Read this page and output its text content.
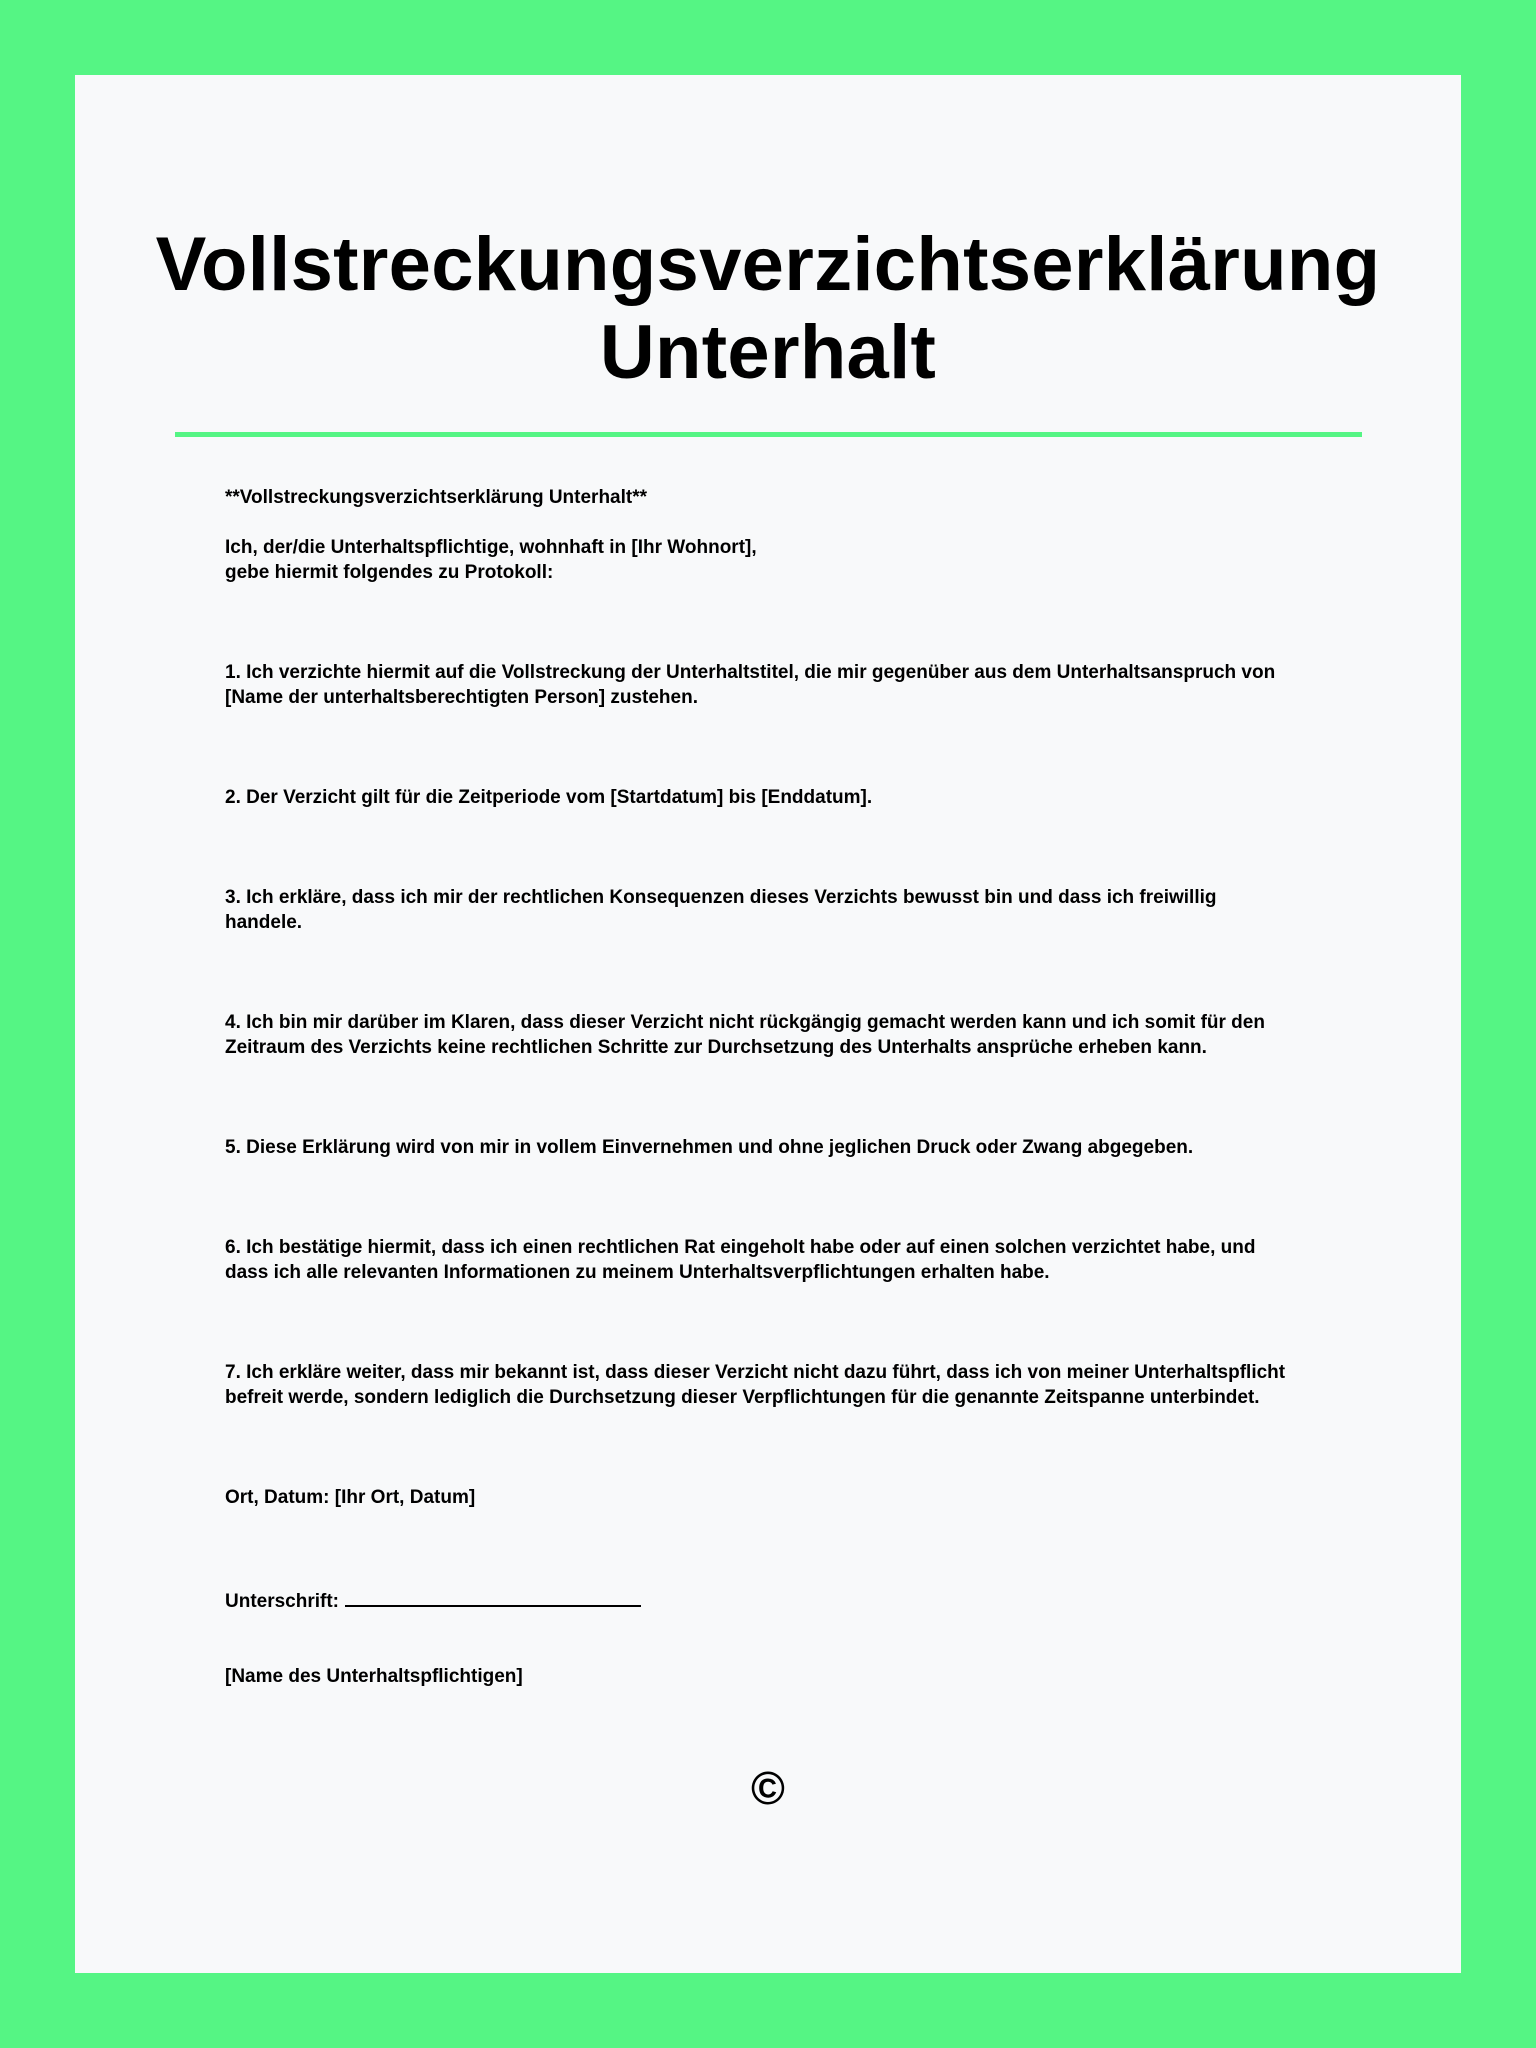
Vollstreckungsverzichtserklärung
Unterhalt

**Vollstreckungsverzichtserklärung Unterhalt**

Ich, der/die Unterhaltspflichtige, wohnhaft in [Ihr Wohnort],
gebe hiermit folgendes zu Protokoll:

1. Ich verzichte hiermit auf die Vollstreckung der Unterhaltstitel, die mir gegenüber aus dem Unterhaltsanspruch von
[Name der unterhaltsberechtigten Person] zustehen.

2. Der Verzicht gilt für die Zeitperiode vom [Startdatum] bis [Enddatum].

3. Ich erkläre, dass ich mir der rechtlichen Konsequenzen dieses Verzichts bewusst bin und dass ich freiwillig
handele.

4. Ich bin mir darüber im Klaren, dass dieser Verzicht nicht rückgängig gemacht werden kann und ich somit für den
Zeitraum des Verzichts keine rechtlichen Schritte zur Durchsetzung des Unterhalts ansprüche erheben kann.

5. Diese Erklärung wird von mir in vollem Einvernehmen und ohne jeglichen Druck oder Zwang abgegeben.

6. Ich bestätige hiermit, dass ich einen rechtlichen Rat eingeholt habe oder auf einen solchen verzichtet habe, und
dass ich alle relevanten Informationen zu meinem Unterhaltsverpflichtungen erhalten habe.

7. Ich erkläre weiter, dass mir bekannt ist, dass dieser Verzicht nicht dazu führt, dass ich von meiner Unterhaltspflicht
befreit werde, sondern lediglich die Durchsetzung dieser Verpflichtungen für die genannte Zeitspanne unterbindet.

Ort, Datum: [Ihr Ort, Datum]

Unterschrift:

[Name des Unterhaltspflichtigen]

©
